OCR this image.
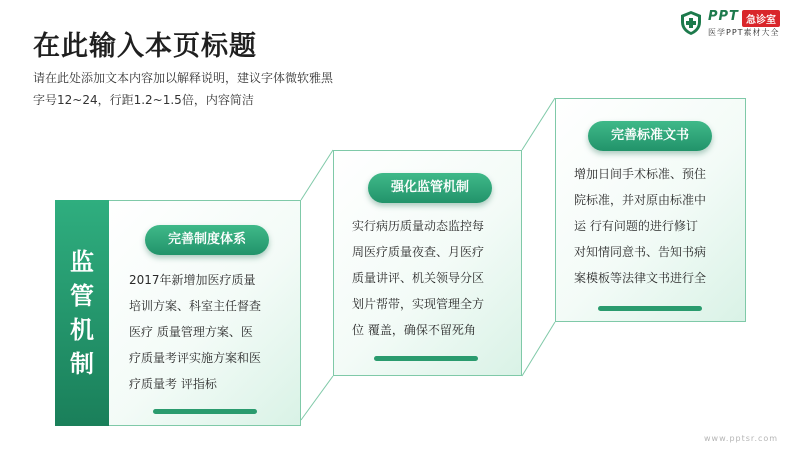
在此输入本页标题
请在此处添加文本内容加以解释说明，建议字体微软雅黑
字号12~24，行距1.2~1.5倍，内容简洁
PPT 急诊室
医学PPT素材大全
完善制度体系
2017年新增加医疗质量
培训方案、科室主任督查
医疗 质量管理方案、医
疗质量考评实施方案和医
疗质量考 评指标
监
管
机
制
强化监管机制
实行病历质量动态监控每
周医疗质量夜查、月医疗
质量讲评、机关领导分区
划片帮带，实现管理全方
位 覆盖，确保不留死角
完善标准文书
增加日间手术标准、预住
院标准，并对原由标准中
运 行有问题的进行修订
对知情同意书、告知书病
案模板等法律文书进行全
www.pptsr.com
